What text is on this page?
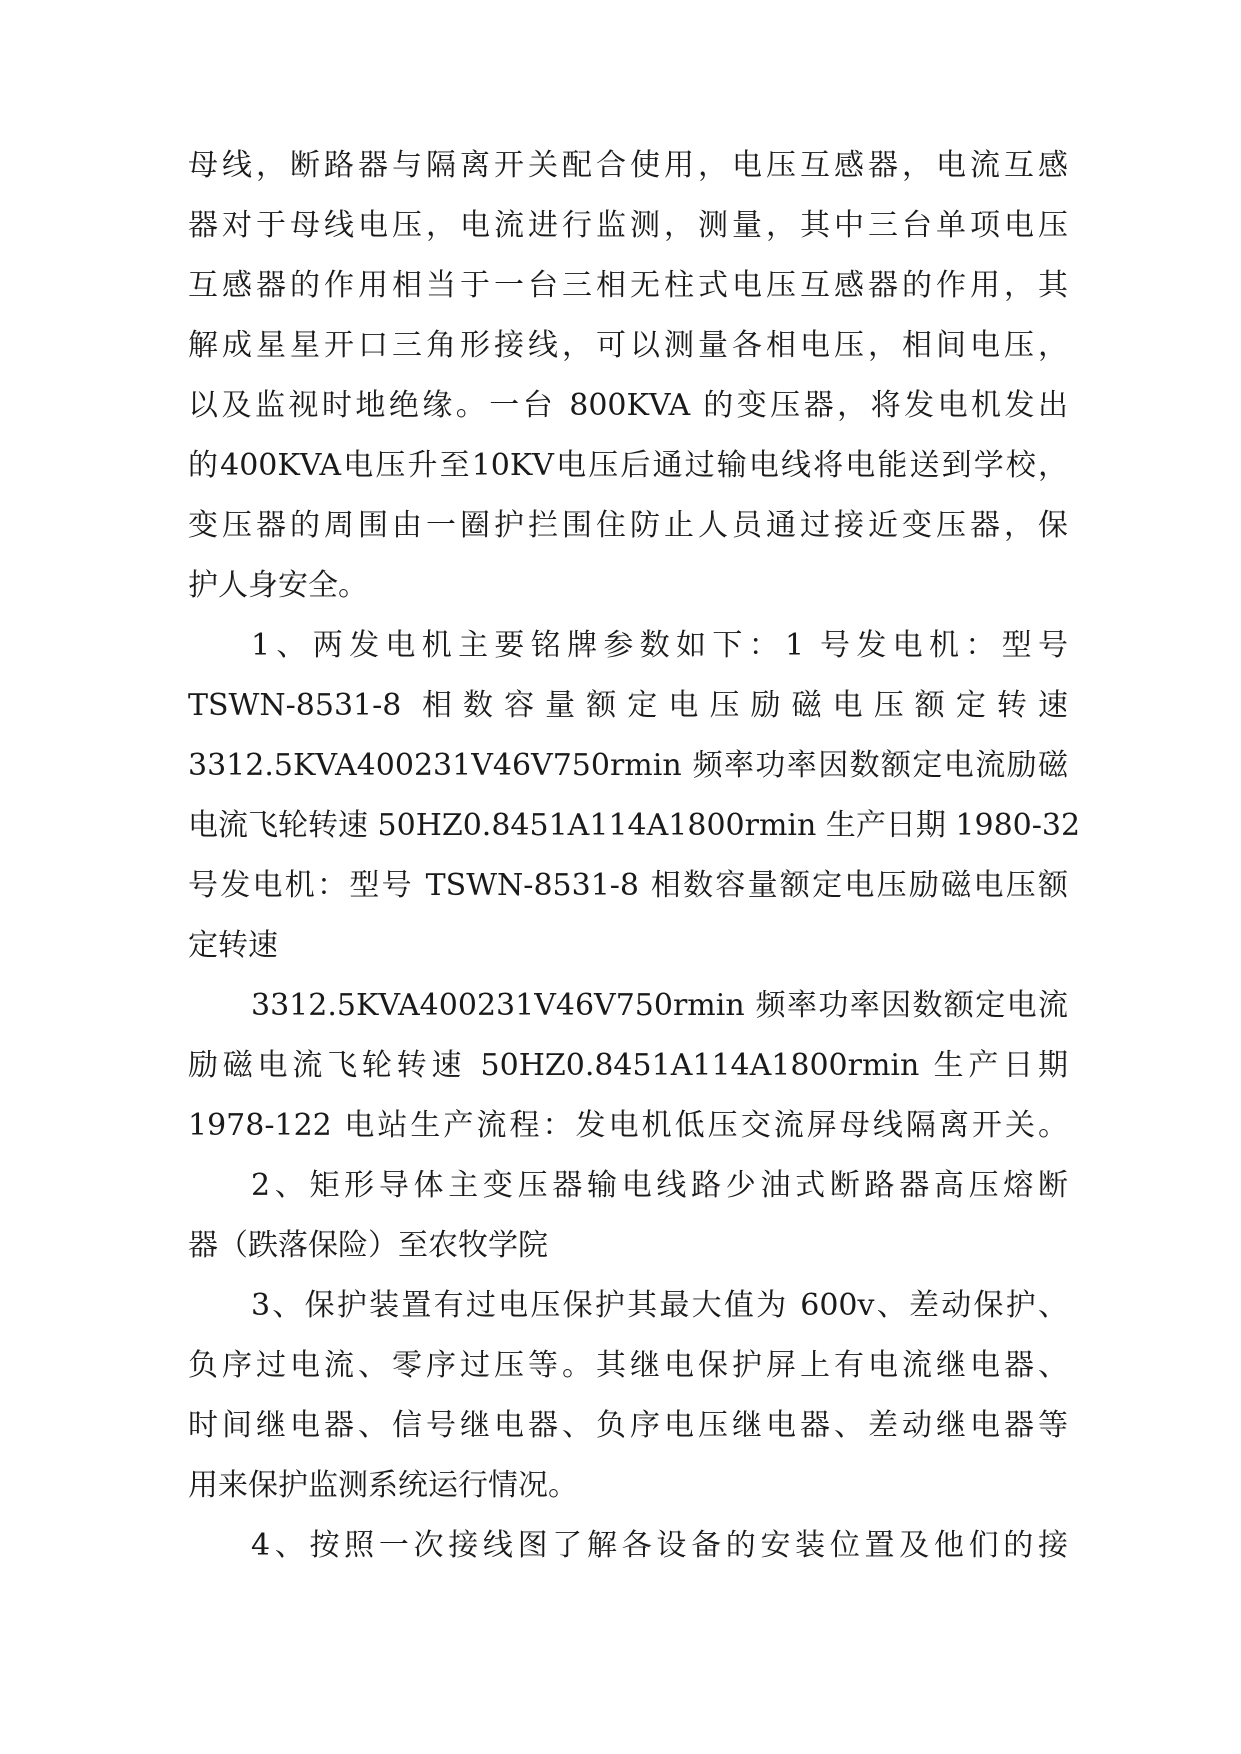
母线，断路器与隔离开关配合使用，电压互感器，电流互感
器对于母线电压，电流进行监测，测量，其中三台单项电压
互感器的作用相当于一台三相无柱式电压互感器的作用，其
解成星星开口三角形接线，可以测量各相电压，相间电压，
以及监视时地绝缘。一台 800KVA 的变压器，将发电机发出
的400KVA电压升至10KV电压后通过输电线将电能送到学校，
变压器的周围由一圈护拦围住防止人员通过接近变压器，保
护人身安全。
1、两发电机主要铭牌参数如下：1 号发电机：型号
TSWN-8531-8 相数容量额定电压励磁电压额定转速
3312.5KVA400231V46V750rmin 频率功率因数额定电流励磁
电流飞轮转速 50HZ0.8451A114A1800rmin 生产日期 1980-32
号发电机：型号 TSWN-8531-8 相数容量额定电压励磁电压额
定转速
3312.5KVA400231V46V750rmin 频率功率因数额定电流
励磁电流飞轮转速 50HZ0.8451A114A1800rmin 生产日期
1978-122 电站生产流程：发电机低压交流屏母线隔离开关。
2、矩形导体主变压器输电线路少油式断路器高压熔断
器（跌落保险）至农牧学院
3、保护装置有过电压保护其最大值为 600v、差动保护、
负序过电流、零序过压等。其继电保护屏上有电流继电器、
时间继电器、信号继电器、负序电压继电器、差动继电器等
用来保护监测系统运行情况。
4、按照一次接线图了解各设备的安装位置及他们的接
